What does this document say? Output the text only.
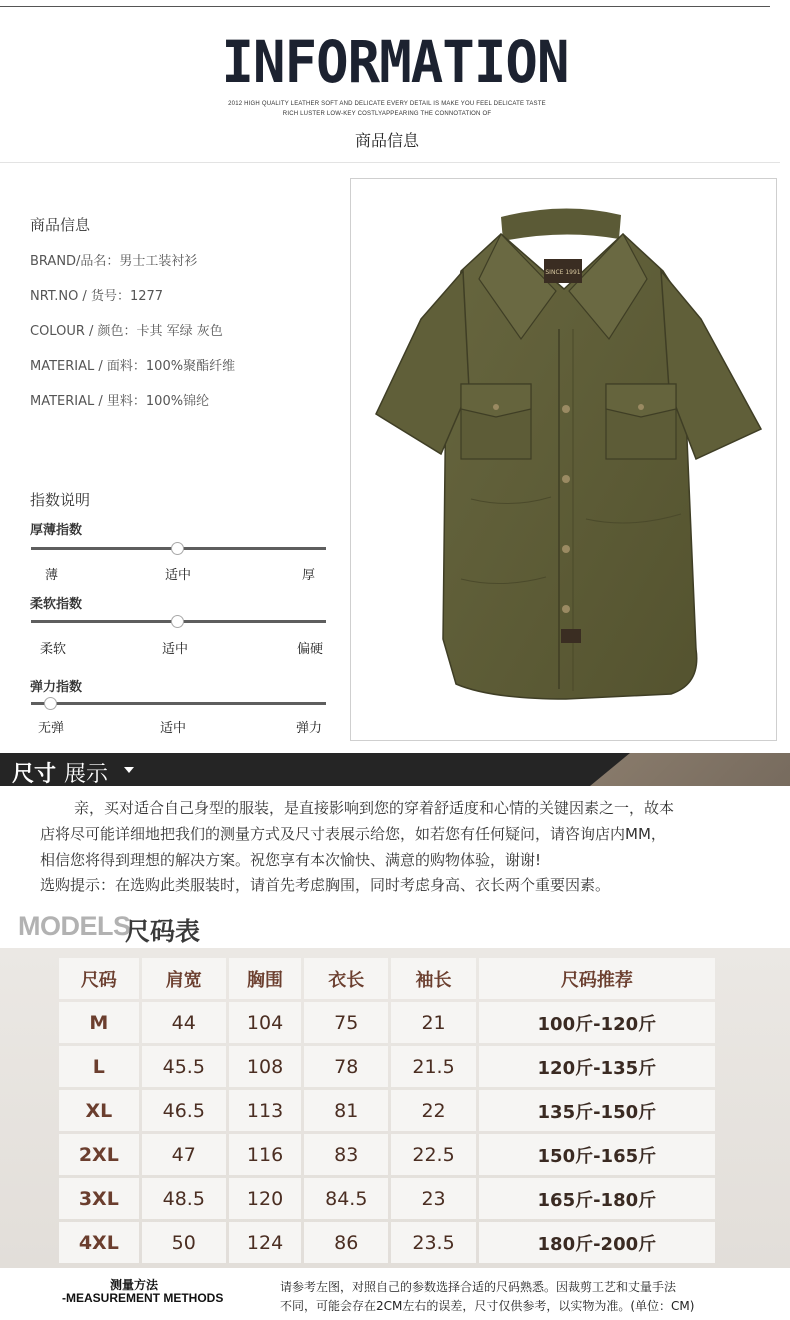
INFORMATION
2012 HIGH QUALITY LEATHER SOFT AND DELICATE EVERY DETAIL IS MAKE YOU FEEL DELICATE TASTE
RICH LUSTER LOW-KEY COSTLYAPPEARING THE CONNOTATION OF
商品信息
商品信息
BRAND/品名：男士工装衬衫
NRT.NO / 货号：1277
COLOUR / 颜色：卡其 军绿 灰色
MATERIAL / 面料：100%聚酯纤维
MATERIAL / 里料：100%锦纶
SINCE 1991
指数说明
厚薄指数
薄	适中	厚
柔软指数
柔软	适中	偏硬
弹力指数
无弹	适中	弹力
尺寸 展示
亲，买对适合自己身型的服装，是直接影响到您的穿着舒适度和心情的关键因素之一，故本
店将尽可能详细地把我们的测量方式及尺寸表展示给您，如若您有任何疑问，请咨询店内MM，
相信您将得到理想的解决方案。祝您享有本次愉快、满意的购物体验，谢谢!
选购提示：在选购此类服装时，请首先考虑胸围，同时考虑身高、衣长两个重要因素。
MODELS
尺码表
尺码	肩宽	胸围	衣长	袖长	尺码推荐
M	44	104	75	21	100斤-120斤
L	45.5	108	78	21.5	120斤-135斤
XL	46.5	113	81	22	135斤-150斤
2XL	47	116	83	22.5	150斤-165斤
3XL	48.5	120	84.5	23	165斤-180斤
4XL	50	124	86	23.5	180斤-200斤
测量方法
-MEASUREMENT METHODS
请参考左图，对照自己的参数选择合适的尺码熟悉。因裁剪工艺和丈量手法
不同，可能会存在2CM左右的误差，尺寸仅供参考，以实物为准。(单位：CM)
